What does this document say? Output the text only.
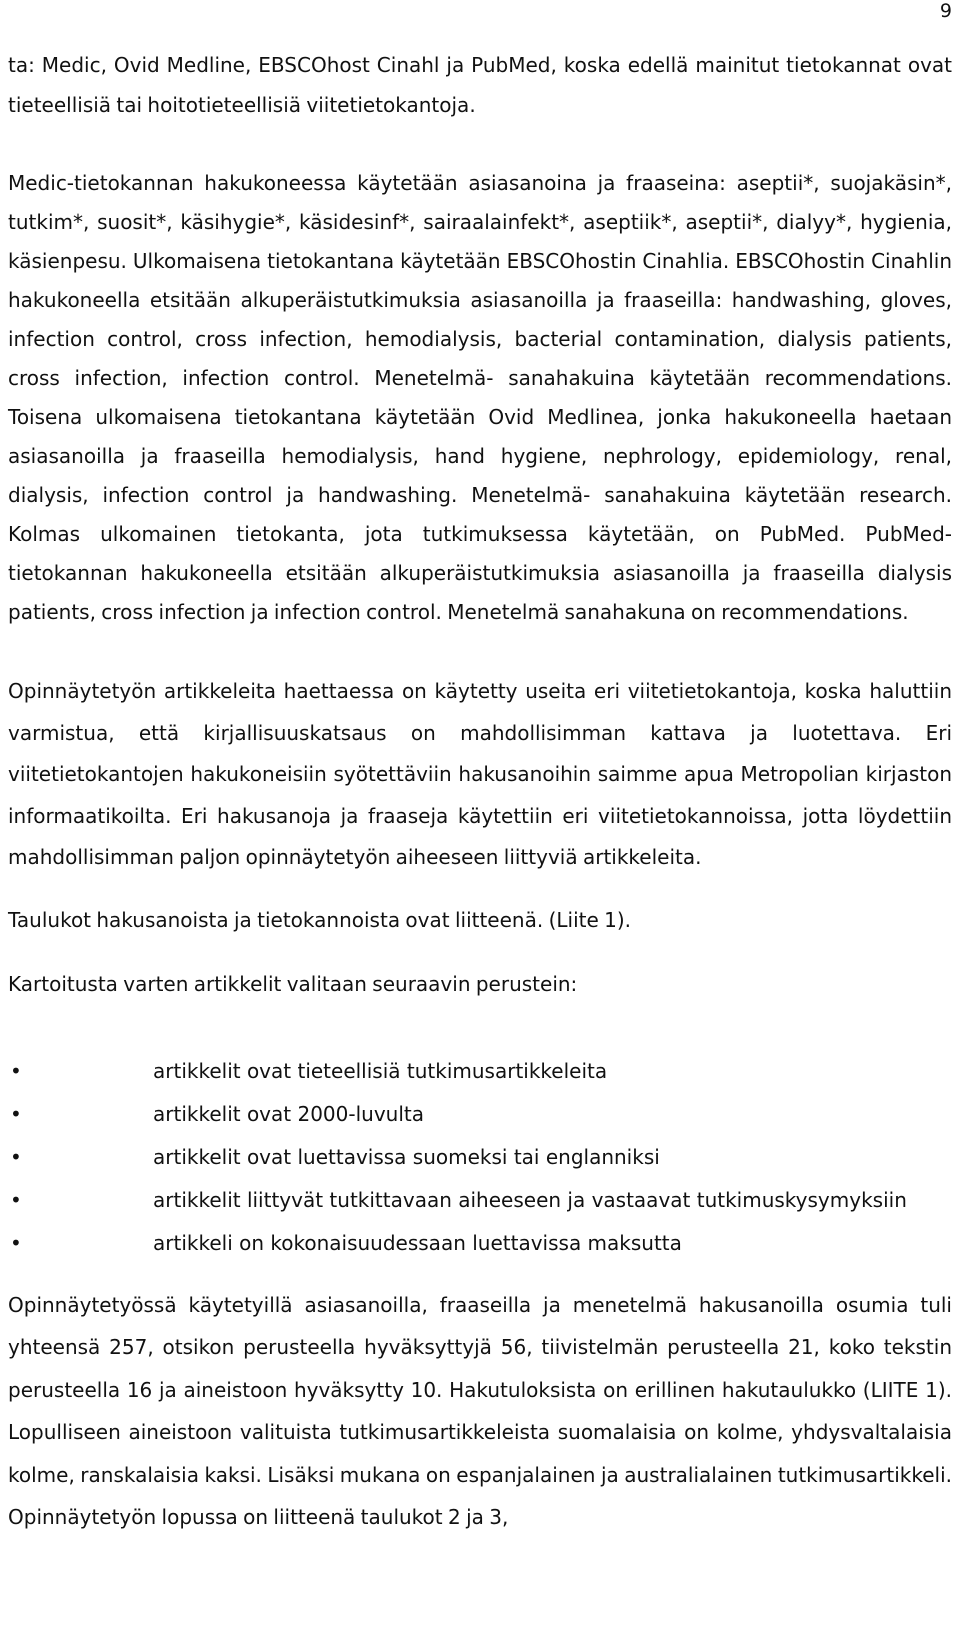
9

ta: Medic, Ovid Medline, EBSCOhost Cinahl ja PubMed, koska edellä mainitut tietokannat ovat tieteellisiä tai hoitotieteellisiä viitetietokantoja.

Medic-tietokannan hakukoneessa käytetään asiasanoina ja fraaseina: aseptii*, suojakäsin*, tutkim*, suosit*, käsihygie*, käsidesinf*, sairaalainfekt*, aseptiik*, aseptii*, dialyy*, hygienia, käsienpesu. Ulkomaisena tietokantana käytetään EBSCOhostin Cinahlia. EBSCOhostin Cinahlin hakukoneella etsitään alkuperäistutkimuksia asiasanoilla ja fraaseilla: handwashing, gloves, infection control, cross infection, hemodialysis, bacterial contamination, dialysis patients, cross infection, infection control. Menetelmä- sanahakuina käytetään recommendations. Toisena ulkomaisena tietokantana käytetään Ovid Medlinea, jonka hakukoneella haetaan asiasanoilla ja fraaseilla hemodialysis, hand hygiene, nephrology, epidemiology, renal, dialysis, infection control ja handwashing. Menetelmä- sanahakuina käytetään research. Kolmas ulkomainen tietokanta, jota tutkimuksessa käytetään, on PubMed. PubMed- tietokannan hakukoneella etsitään alkuperäistutkimuksia asiasanoilla ja fraaseilla dialysis patients, cross infection ja infection control. Menetelmä sanahakuna on recommendations.

Opinnäytetyön artikkeleita haettaessa on käytetty useita eri viitetietokantoja, koska haluttiin varmistua, että kirjallisuuskatsaus on mahdollisimman kattava ja luotettava. Eri viitetietokantojen hakukoneisiin syötettäviin hakusanoihin saimme apua Metropolian kirjaston informaatikoilta. Eri hakusanoja ja fraaseja käytettiin eri viitetietokannoissa, jotta löydettiin mahdollisimman paljon opinnäytetyön aiheeseen liittyviä artikkeleita.

Taulukot hakusanoista ja tietokannoista ovat liitteenä. (Liite 1).

Kartoitusta varten artikkelit valitaan seuraavin perustein:

•	artikkelit ovat tieteellisiä tutkimusartikkeleita
•	artikkelit ovat 2000-luvulta
•	artikkelit ovat luettavissa suomeksi tai englanniksi
•	artikkelit liittyvät tutkittavaan aiheeseen ja vastaavat tutkimuskysymyksiin
•	artikkeli on kokonaisuudessaan luettavissa maksutta

Opinnäytetyössä käytetyillä asiasanoilla, fraaseilla ja menetelmä hakusanoilla osumia tuli yhteensä 257, otsikon perusteella hyväksyttyjä 56, tiivistelmän perusteella 21, koko tekstin perusteella 16 ja aineistoon hyväksytty 10. Hakutuloksista on erillinen hakutaulukko (LIITE 1). Lopulliseen aineistoon valituista tutkimusartikkeleista suomalaisia on kolme, yhdysvaltalaisia kolme, ranskalaisia kaksi. Lisäksi mukana on espanjalainen ja australialainen tutkimusartikkeli. Opinnäytetyön lopussa on liitteenä taulukot 2 ja 3,
